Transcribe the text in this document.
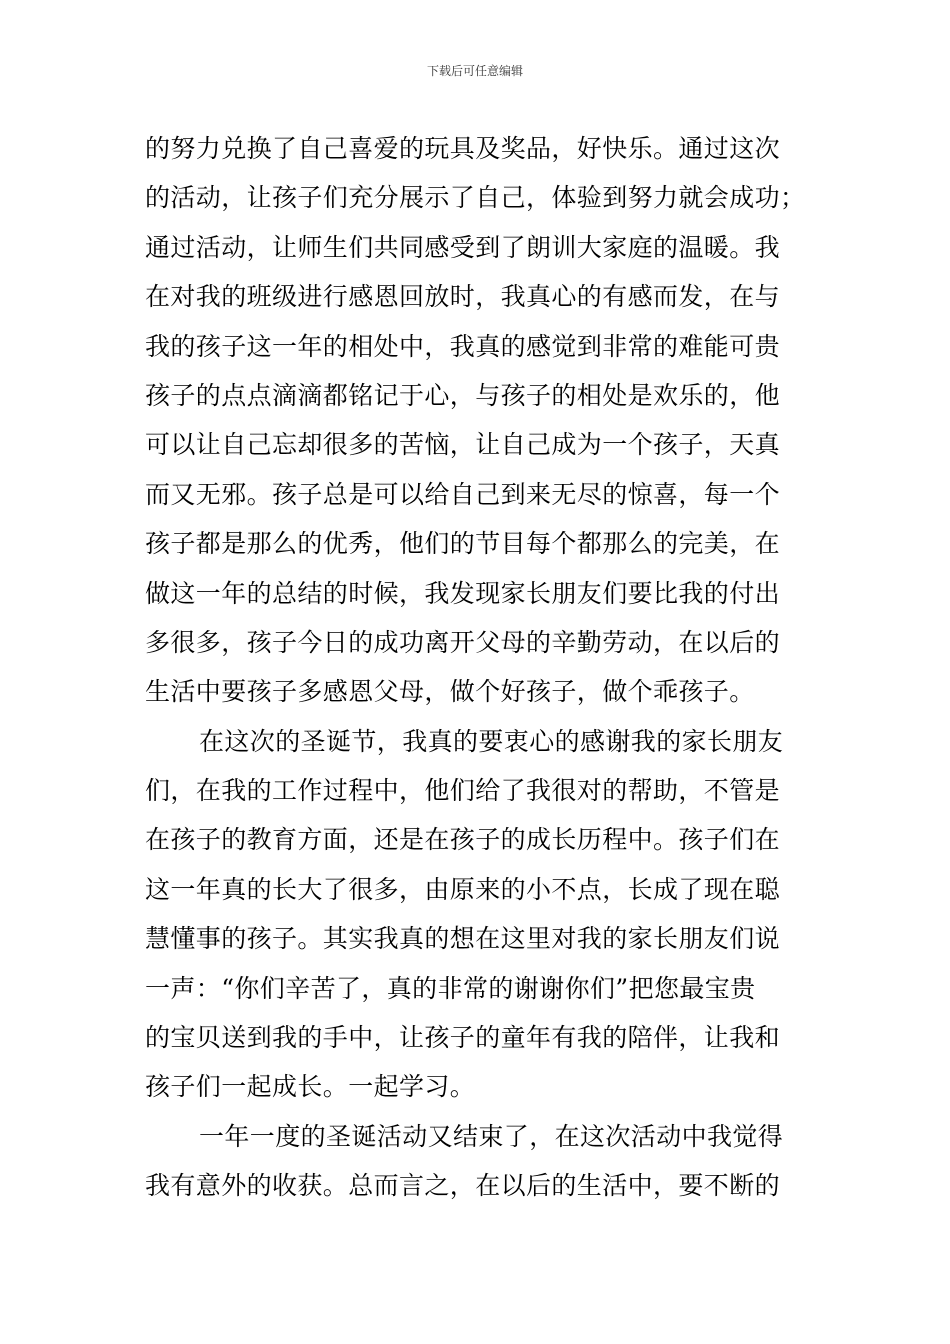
下载后可任意编辑
的努力兑换了自己喜爱的玩具及奖品，好快乐。通过这次
的活动，让孩子们充分展示了自己，体验到努力就会成功；
通过活动，让师生们共同感受到了朗训大家庭的温暖。我
在对我的班级进行感恩回放时，我真心的有感而发，在与
我的孩子这一年的相处中，我真的感觉到非常的难能可贵
孩子的点点滴滴都铭记于心，与孩子的相处是欢乐的，他
可以让自己忘却很多的苦恼，让自己成为一个孩子，天真
而又无邪。孩子总是可以给自己到来无尽的惊喜，每一个
孩子都是那么的优秀，他们的节目每个都那么的完美，在
做这一年的总结的时候，我发现家长朋友们要比我的付出
多很多，孩子今日的成功离开父母的辛勤劳动，在以后的
生活中要孩子多感恩父母，做个好孩子，做个乖孩子。
在这次的圣诞节，我真的要衷心的感谢我的家长朋友
们，在我的工作过程中，他们给了我很对的帮助，不管是
在孩子的教育方面，还是在孩子的成长历程中。孩子们在
这一年真的长大了很多，由原来的小不点，长成了现在聪
慧懂事的孩子。其实我真的想在这里对我的家长朋友们说
一声：“你们辛苦了，真的非常的谢谢你们”把您最宝贵
的宝贝送到我的手中，让孩子的童年有我的陪伴，让我和
孩子们一起成长。一起学习。
一年一度的圣诞活动又结束了，在这次活动中我觉得
我有意外的收获。总而言之，在以后的生活中，要不断的
